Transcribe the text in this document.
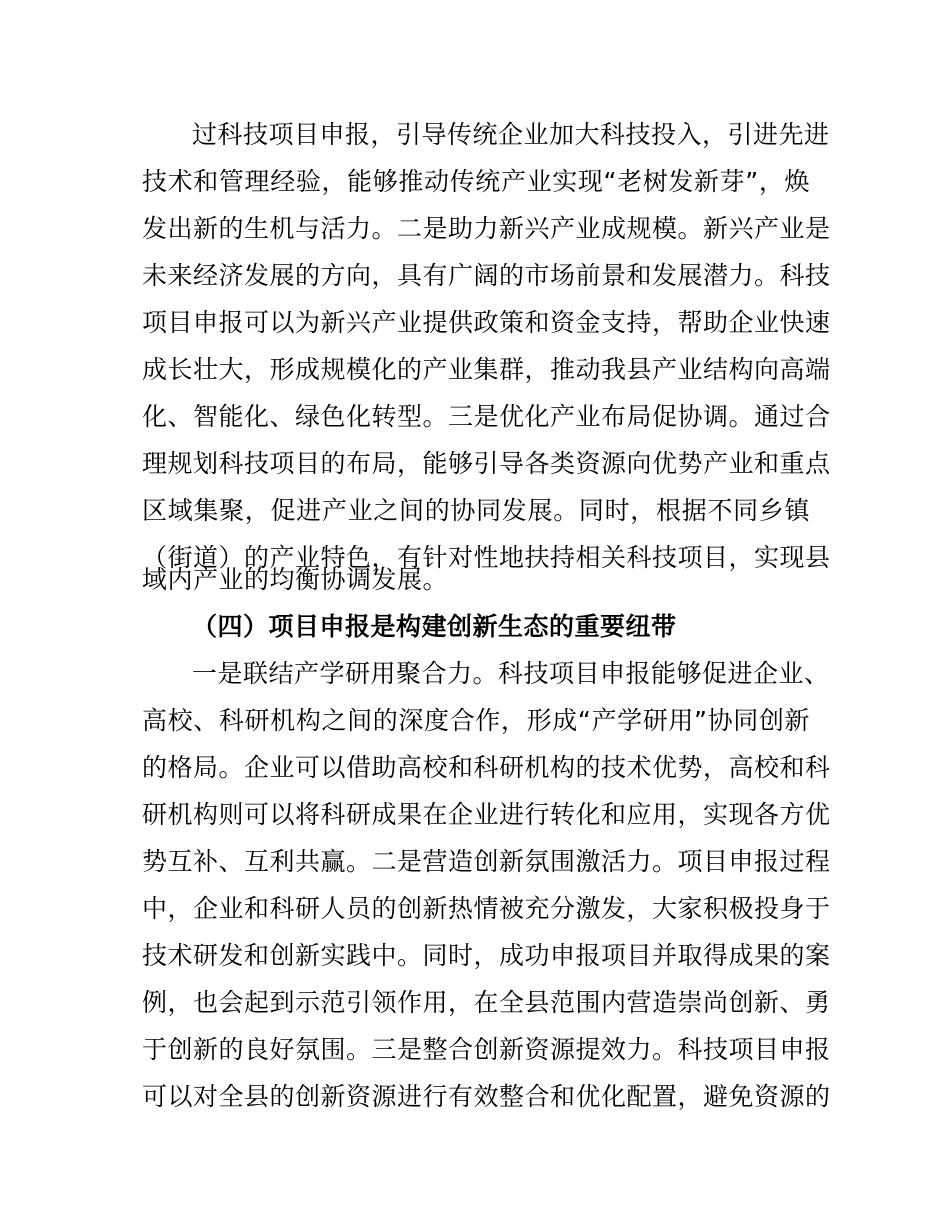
过科技项目申报，引导传统企业加大科技投入，引进先进

技术和管理经验，能够推动传统产业实现“老树发新芽”，焕

发出新的生机与活力。二是助力新兴产业成规模。新兴产业是

未来经济发展的方向，具有广阔的市场前景和发展潜力。科技

项目申报可以为新兴产业提供政策和资金支持，帮助企业快速

成长壮大，形成规模化的产业集群，推动我县产业结构向高端

化、智能化、绿色化转型。三是优化产业布局促协调。通过合

理规划科技项目的布局，能够引导各类资源向优势产业和重点

区域集聚，促进产业之间的协同发展。同时，根据不同乡镇

（街道）的产业特色，有针对性地扶持相关科技项目，实现县

域内产业的均衡协调发展。

（四）项目申报是构建创新生态的重要纽带

一是联结产学研用聚合力。科技项目申报能够促进企业、

高校、科研机构之间的深度合作，形成“产学研用”协同创新

的格局。企业可以借助高校和科研机构的技术优势，高校和科

研机构则可以将科研成果在企业进行转化和应用，实现各方优

势互补、互利共赢。二是营造创新氛围激活力。项目申报过程

中，企业和科研人员的创新热情被充分激发，大家积极投身于

技术研发和创新实践中。同时，成功申报项目并取得成果的案

例，也会起到示范引领作用，在全县范围内营造崇尚创新、勇

于创新的良好氛围。三是整合创新资源提效力。科技项目申报

可以对全县的创新资源进行有效整合和优化配置，避免资源的
